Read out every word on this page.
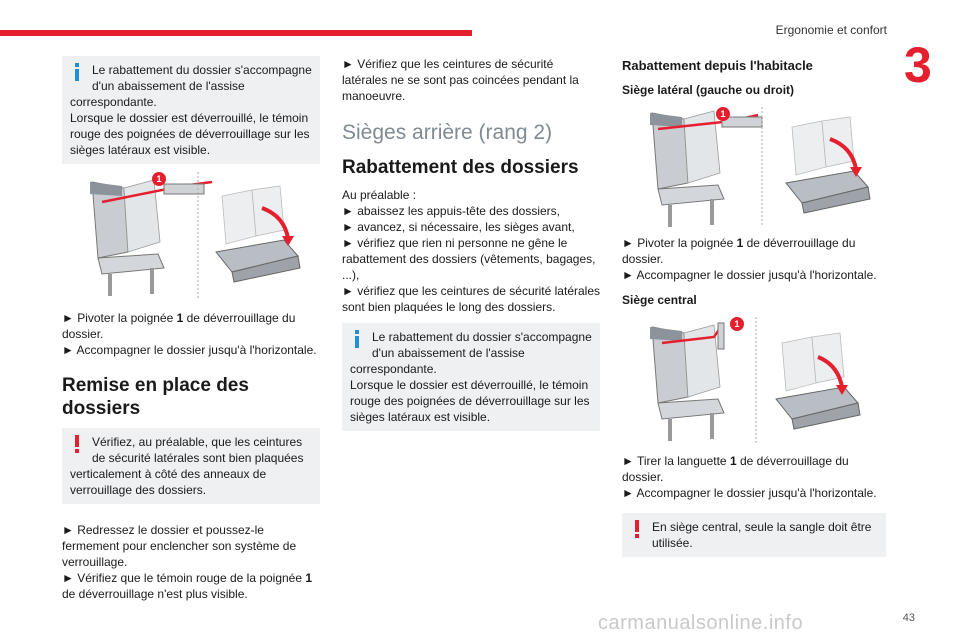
Ergonomie et confort
3

Le rabattement du dossier s'accompagne

d'un abaissement de l'assise

correspondante.

Lorsque le dossier est déverrouillé, le témoin

rouge des poignées de déverrouillage sur les

sièges latéraux est visible.

1

► Pivoter la poignée 1 de déverrouillage du

dossier.

► Accompagner le dossier jusqu'à l'horizontale.

Remise en place des
dossiers

Vérifiez, au préalable, que les ceintures

de sécurité latérales sont bien plaquées

verticalement à côté des anneaux de

verrouillage des dossiers.

► Redressez le dossier et poussez-le

fermement pour enclencher son système de

verrouillage.

► Vérifiez que le témoin rouge de la poignée 1

de déverrouillage n'est plus visible.

► Vérifiez que les ceintures de sécurité

latérales ne se sont pas coincées pendant la

manoeuvre.

Sièges arrière (rang 2)
Rabattement des dossiers

Au préalable :

► abaissez les appuis-tête des dossiers,

► avancez, si nécessaire, les sièges avant,

► vérifiez que rien ni personne ne gêne le

rabattement des dossiers (vêtements, bagages,

...),

► vérifiez que les ceintures de sécurité latérales

sont bien plaquées le long des dossiers.

Le rabattement du dossier s'accompagne

d'un abaissement de l'assise

correspondante.

Lorsque le dossier est déverrouillé, le témoin

rouge des poignées de déverrouillage sur les

sièges latéraux est visible.

Rabattement depuis l'habitacle
Siège latéral (gauche ou droit)
1

► Pivoter la poignée 1 de déverrouillage du

dossier.

► Accompagner le dossier jusqu'à l'horizontale.

Siège central
1

► Tirer la languette 1 de déverrouillage du

dossier.

► Accompagner le dossier jusqu'à l'horizontale.

En siège central, seule la sangle doit être

utilisée.

carmanualsonline.info	43
